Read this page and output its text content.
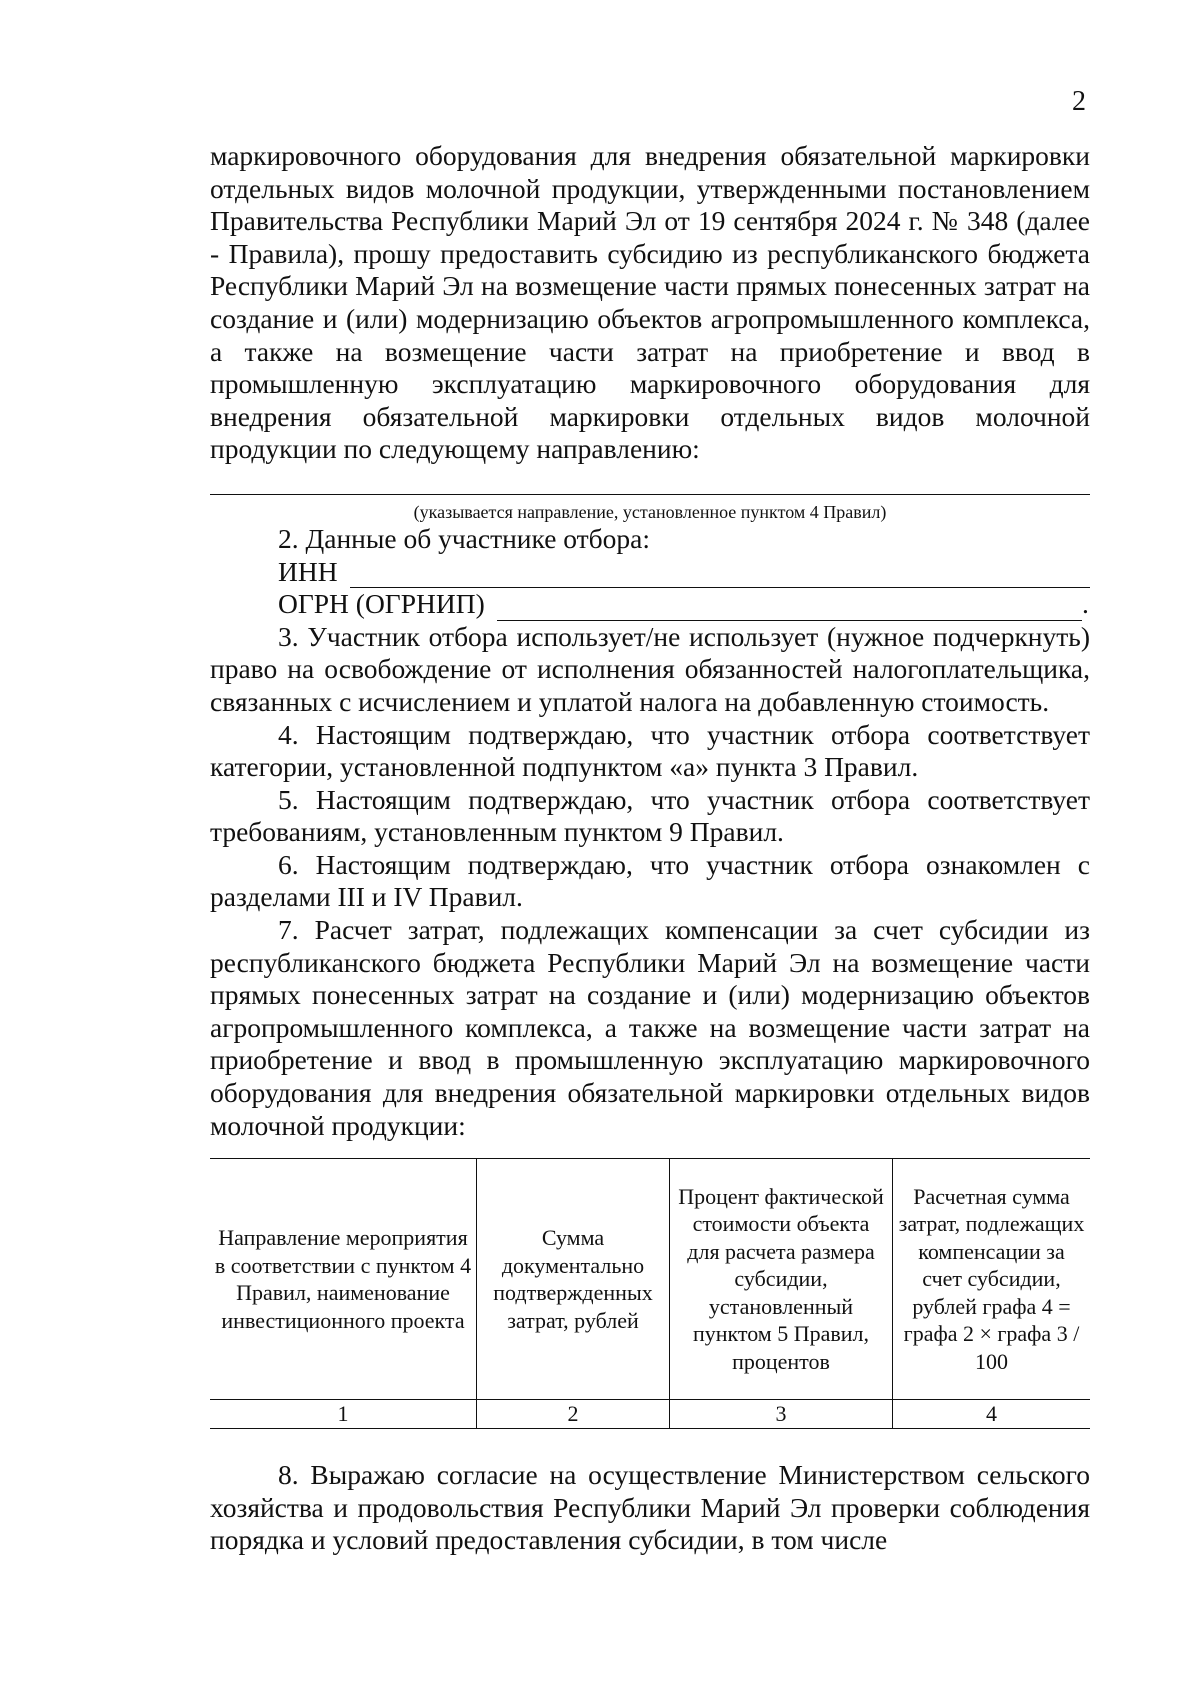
2

маркировочного оборудования для внедрения обязательной маркировки отдельных видов молочной продукции, утвержденными постановлением Правительства Республики Марий Эл от 19 сентября 2024 г. № 348 (далее - Правила), прошу предоставить субсидию из республиканского бюджета Республики Марий Эл на возмещение части прямых понесенных затрат на создание и (или) модернизацию объектов агропромышленного комплекса, а также на возмещение части затрат на приобретение и ввод в промышленную эксплуатацию маркировочного оборудования для внедрения обязательной маркировки отдельных видов молочной продукции по следующему направлению:

(указывается направление, установленное пунктом 4 Правил)

2. Данные об участнике отбора:

ИНН
ОГРН (ОГРНИП)	.

3. Участник отбора использует/не использует (нужное подчеркнуть) право на освобождение от исполнения обязанностей налогоплательщика, связанных с исчислением и уплатой налога на добавленную стоимость.

4. Настоящим подтверждаю, что участник отбора соответствует категории, установленной подпунктом «а» пункта 3 Правил.

5. Настоящим подтверждаю, что участник отбора соответствует требованиям, установленным пунктом 9 Правил.

6. Настоящим подтверждаю, что участник отбора ознакомлен с разделами III и IV Правил.

7. Расчет затрат, подлежащих компенсации за счет субсидии из республиканского бюджета Республики Марий Эл на возмещение части прямых понесенных затрат на создание и (или) модернизацию объектов агропромышленного комплекса, а также на возмещение части затрат на приобретение и ввод в промышленную эксплуатацию маркировочного оборудования для внедрения обязательной маркировки отдельных видов молочной продукции:

Направление мероприятия в соответствии с пунктом 4 Правил, наименование инвестиционного проекта	Сумма документально подтвержденных затрат, рублей	Процент фактической стоимости объекта для расчета размера субсидии, установленный пунктом 5 Правил, процентов	Расчетная сумма затрат, подлежащих компенсации за счет субсидии, рублей графа 4 = графа 2 × графа 3 / 100
1	2	3	4

8. Выражаю согласие на осуществление Министерством сельского хозяйства и продовольствия Республики Марий Эл проверки соблюдения порядка и условий предоставления субсидии, в том числе
